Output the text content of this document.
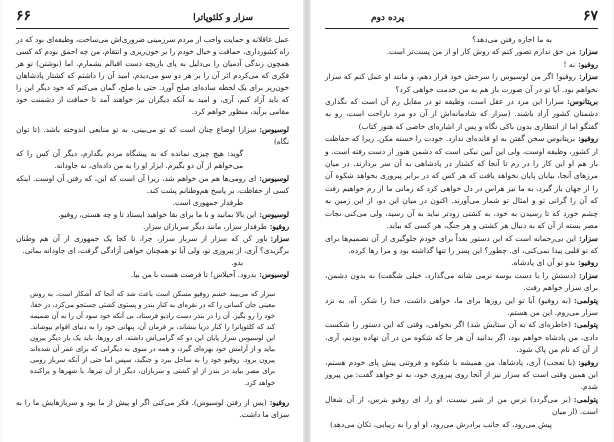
۶۶	سزار و کلئوپاترا

عمل عاقلانه و حمایت واجب از مردم سرزمینی ضروری‌اش می‌ساخت، وظیفه‌ای بود که در راه کشورداری، حماقت و خیال خودم را بر خون‌ریزی و انتقام، من چه احمق بودم که کسی همچون زندگی آدمیان را بی‌دلیل به پای بازیچه دست اقبالم بشمارم. اما (نوشتن) تو هر فکری که می‌کردم اثر آن را بر هر دو سو می‌دیدم، امید آن را داشتم که کشتار پادشاهان خون‌ریز برای یک لحظه ساده‌ای صلح آورد. حتی با صلح، گمان می‌کنم که خود دیگر این را که باید آزاد کنم، آری، و امید به آنکه دیگران نیز خواهند آمد تا حماقت از دشمنت خود مقامی برآید، منظور خواهم کرد.

لوسیوس:سزارا اوضاع چنان است که تو می‌بینی، به تو منابعی اندوخته باشد. (تا توان نگاه)

گوید: هیچ چیزی نمانده که به پیشگاه مردم بگذارم، دیگر آن کس را که می‌خواهم از آن دو بگیرم. ابزار او را به من داده‌ای، نه جاودانه.

لوسیوس:ای رومی‌ها هم من خواهم شد، زیرا آن است که این، که رفتن آن اوست. اینکه کسی از حفاظت، بر پاسخ هم‌وطنانم پشت کند.

طرفدار جمهوری است.

لوسیوس:این بالا بمانید و با ما برای بقا خواهید ایستاد تا و چه هستی، روفیو.

روفیو:طرفدار سزار، مانند دیگر سربازان سزار.

سزار:باور کن که سزار از سرباز سزار، چرا، تا کجا یک جمهوری از آن هم وطنان برگزیدی؟ آری، از پیروزی تو، ولی آیا تو همچنان خواهی آزادگی گرفت، ای جاودانه بمانی.

بدو.

لوسیوس:بدرود. آخیلاس! تا فرصت هست با من بیا.

سزار که می‌بیند خشم روفیو مسکن است باعث شد که آنجا که آشکار است، به روش معینی جان کسانی را که در نقره‌ای به کنار بندر و پستوی کشتی جستجو می‌کرد، در خفا، خود را رو بگیر. آن را در بندر دست رادیو فرستاد، بی‌ آنکه خود سود آن را به آن ضمیمه کند که کلئوپاترا را کنار دریا بنشاند، بر فرمان آن، پنهانی خود را به دنیای اقوام بپوشاند. این لوسیوس سزار پایان این دو که گرامی‌اش داشته، ای روزها، باید یک بار دیگر بیرون بیاید و از آرامش خود بهره‌ای گیرد، و همه در سوی به دیگرانی که برای عمر آن شده‌اند پیرون برود. روفیو خود را به ساحل ببرد و جنگید، سپس اما حتی از آنکه سرباز رومی برای مصر بیاید در بندر از او کشتی و سربازان، دیگر از آن تیرها، با شهرها و پراکنده خواهد کرد.

روفیو:(پس از رفتن لوسیوس). فکر می‌کنی اگر او پیش از ما بود و سربازهایش ما را به سزای ما داشت.

۶۷
پرده دوم

به ما اجازه رفتن می‌دهد؟

سزار:من حق ندارم تصور کنم که روش کار او از من پست‌تر است.

روفیو:نه !

سزار:روفیو! اگر من لوسیوس را سرخش خود قرار دهم، و مانند او عمل کنم که سزار نخواهم بود. آیا تو در آن صورت باز هم به من خدمت خواهی کرد؟

بریتانوس:سزارا این مرد در عقل است، وظیفه تو در مقابل رم آن است که نگذاری دشمنان کشور آزاد باشند. (سزار که شادمانه‌اش از آن دو مرد ناراحت است، رو به گفتگو اما از انتظاری بدون باکی نگاه و پس از اشاره‌ای خاصی که هنوز کتاب)

روفیو:بریتانوس سخن گفتن به او فایده‌ای ندارد. خودت را خسته مکن. زیرا که حفاظت از کشور، وظیفه اوست، ولی این آیین نیکی است که دشمن هنوز از دست رفته است. و باز هم او این کار را در رم تا آنجا که کشتار در پادشاهی به آن سر بردارند. در میان مرزهای آنجا، بیابان پایان نخواهد یافت که هر کس که در برابر پیروزی بخواهد شکوه آن را از جهان باز گیرد، به ما نیز هراس در دل خواهی کرد که زمانی ما از رم خواهیم رفت که آن را گرانی تو و امثال تو شمار می‌آورند. اکنون در میان این دو، از این زمین به چشم خورد که تا رسیدن به خود، به کشتی زودتر نباید به آن رسید، ولی می‌کنی نجات مصر بسته از آن که به دنبال هر کشتی و هر جنگ، هر کسی که بیاید.

سزار:این بی‌رحمانه است که این دستور بعداً برای خودم جلوگیری از آن تصمیم‌ها برای که تو قلبی پیدا نمی‌کنی، ای. چطور؟ این پسر را تنها گذاشته بود و مرا رها کرده.

روفیو:بدو تو آن ای پادشاه.

سزار:(دستش را با دست بوسه نرمی شانه می‌گذارد، خیلی شگفت) نه بدون دشمن، برای سزار خواهم رفت.

پتولمی:(به روفیو) آیا تو این روزها برای ما، خواهی داشت، خدا را شکر، آه، به نزد سزار می‌روم. این من هستم.

پتولمی:(خاطره‌ای که به آن ستایش شد) اگر بخواهی، وقتی که این دستور را شکست دادی، من پادشاه خواهم بود، اگر بدانید آن هر جا که شکوه من در آن نهاده بودیم، آری، از آن که نام من پاک شود.

روفیو:(با تعجب) آری، پادشاها، من همیشه با شکوه و فروتنی پیش پای خودم هستم، این همین وقتی است که سزار نیز از آنجا روی پیروزی خود، به تو خواهد گفت: من پیروز شدم.

پتولمی:(بر می‌گردد) ترس من از شیر نیست، او را، ای روفیو بترس، از آن شغال است. (از میان

پیش می‌رود، که جانب برادرش می‌رود، او او را به زیبایی، تکان می‌دهد)
